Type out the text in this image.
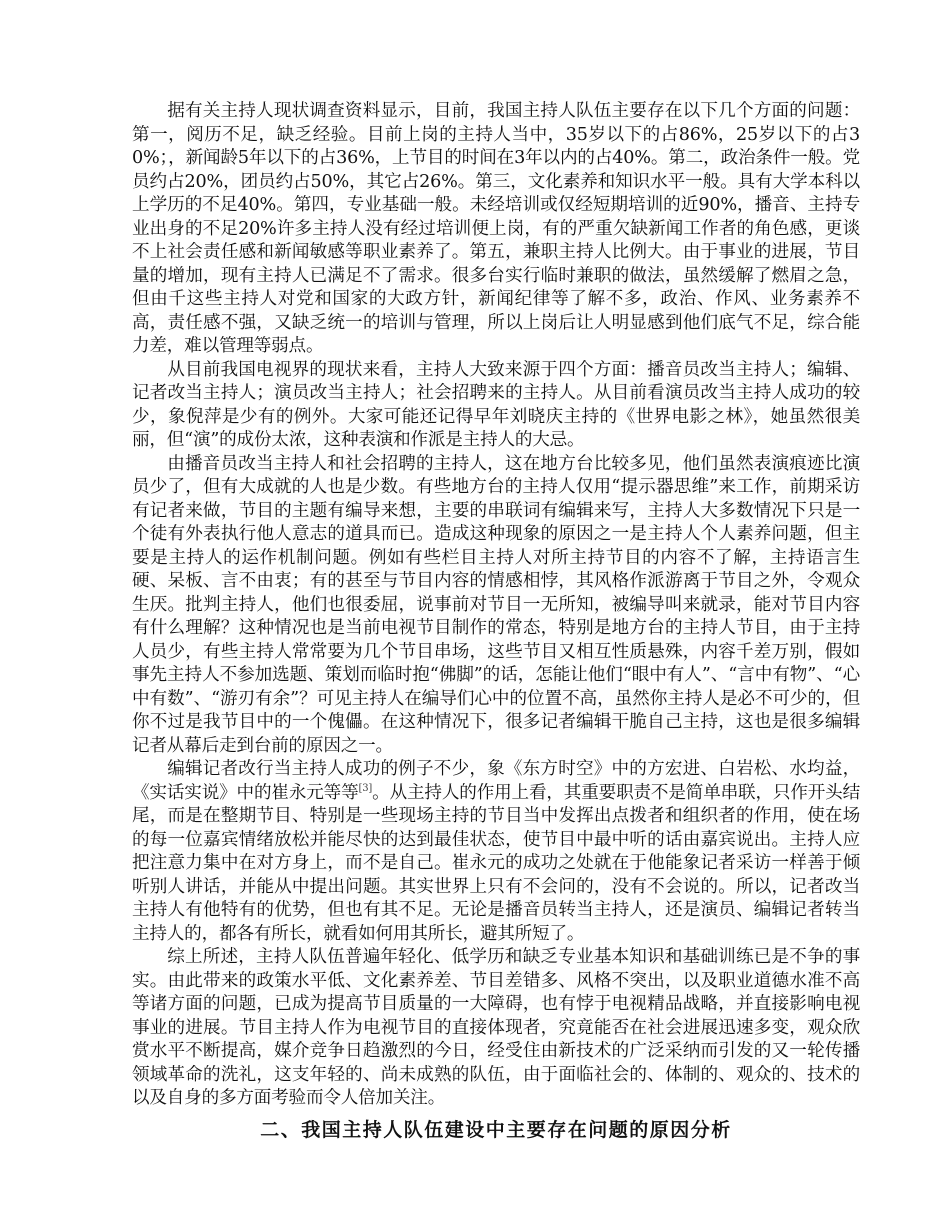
据有关主持人现状调查资料显示，目前，我国主持人队伍主要存在以下几个方面的问题：第一，阅历不足，缺乏经验。目前上岗的主持人当中，35岁以下的占86%，25岁以下的占30%；，新闻龄5年以下的占36%，上节目的时间在3年以内的占40%。第二，政治条件一般。党员约占20%，团员约占50%，其它占26%。第三，文化素养和知识水平一般。具有大学本科以上学历的不足40%。第四，专业基础一般。未经培训或仅经短期培训的近90%，播音、主持专业出身的不足20%许多主持人没有经过培训便上岗，有的严重欠缺新闻工作者的角色感，更谈不上社会责任感和新闻敏感等职业素养了。第五，兼职主持人比例大。由于事业的进展，节目量的增加，现有主持人已满足不了需求。很多台实行临时兼职的做法，虽然缓解了燃眉之急，但由千这些主持人对党和国家的大政方针，新闻纪律等了解不多，政治、作风、业务素养不高，责任感不强，又缺乏统一的培训与管理，所以上岗后让人明显感到他们底气不足，综合能力差，难以管理等弱点。

从目前我国电视界的现状来看，主持人大致来源于四个方面：播音员改当主持人；编辑、记者改当主持人；演员改当主持人；社会招聘来的主持人。从目前看演员改当主持人成功的较少，象倪萍是少有的例外。大家可能还记得早年刘晓庆主持的《世界电影之林》，她虽然很美丽，但“演”的成份太浓，这种表演和作派是主持人的大忌。

由播音员改当主持人和社会招聘的主持人，这在地方台比较多见，他们虽然表演痕迹比演员少了，但有大成就的人也是少数。有些地方台的主持人仅用“提示器思维”来工作，前期采访有记者来做，节目的主题有编导来想，主要的串联词有编辑来写，主持人大多数情况下只是一个徒有外表执行他人意志的道具而已。造成这种现象的原因之一是主持人个人素养问题，但主要是主持人的运作机制问题。例如有些栏目主持人对所主持节目的内容不了解，主持语言生硬、呆板、言不由衷；有的甚至与节目内容的情感相悖，其风格作派游离于节目之外，令观众生厌。批判主持人，他们也很委屈，说事前对节目一无所知，被编导叫来就录，能对节目内容有什么理解？这种情况也是当前电视节目制作的常态，特别是地方台的主持人节目，由于主持人员少，有些主持人常常要为几个节目串场，这些节目又相互性质悬殊，内容千差万别，假如事先主持人不参加选题、策划而临时抱“佛脚”的话，怎能让他们“眼中有人”、“言中有物”、“心中有数”、“游刃有余”？可见主持人在编导们心中的位置不高，虽然你主持人是必不可少的，但你不过是我节目中的一个傀儡。在这种情况下，很多记者编辑干脆自己主持，这也是很多编辑记者从幕后走到台前的原因之一。

编辑记者改行当主持人成功的例子不少，象《东方时空》中的方宏进、白岩松、水均益，《实话实说》中的崔永元等等[3]。从主持人的作用上看，其重要职责不是简单串联，只作开头结尾，而是在整期节目、特别是一些现场主持的节目当中发挥出点拨者和组织者的作用，使在场的每一位嘉宾情绪放松并能尽快的达到最佳状态，使节目中最中听的话由嘉宾说出。主持人应把注意力集中在对方身上，而不是自己。崔永元的成功之处就在于他能象记者采访一样善于倾听别人讲话，并能从中提出问题。其实世界上只有不会问的，没有不会说的。所以，记者改当主持人有他特有的优势，但也有其不足。无论是播音员转当主持人，还是演员、编辑记者转当主持人的，都各有所长，就看如何用其所长，避其所短了。

综上所述，主持人队伍普遍年轻化、低学历和缺乏专业基本知识和基础训练已是不争的事实。由此带来的政策水平低、文化素养差、节目差错多、风格不突出，以及职业道德水准不高等诸方面的问题，已成为提高节目质量的一大障碍，也有悖于电视精品战略，并直接影响电视事业的进展。节目主持人作为电视节目的直接体现者，究竟能否在社会进展迅速多变，观众欣赏水平不断提高，媒介竞争日趋激烈的今日，经受住由新技术的广泛采纳而引发的又一轮传播领域革命的洗礼，这支年轻的、尚未成熟的队伍，由于面临社会的、体制的、观众的、技术的以及自身的多方面考验而令人倍加关注。

二、我国主持人队伍建设中主要存在问题的原因分析
